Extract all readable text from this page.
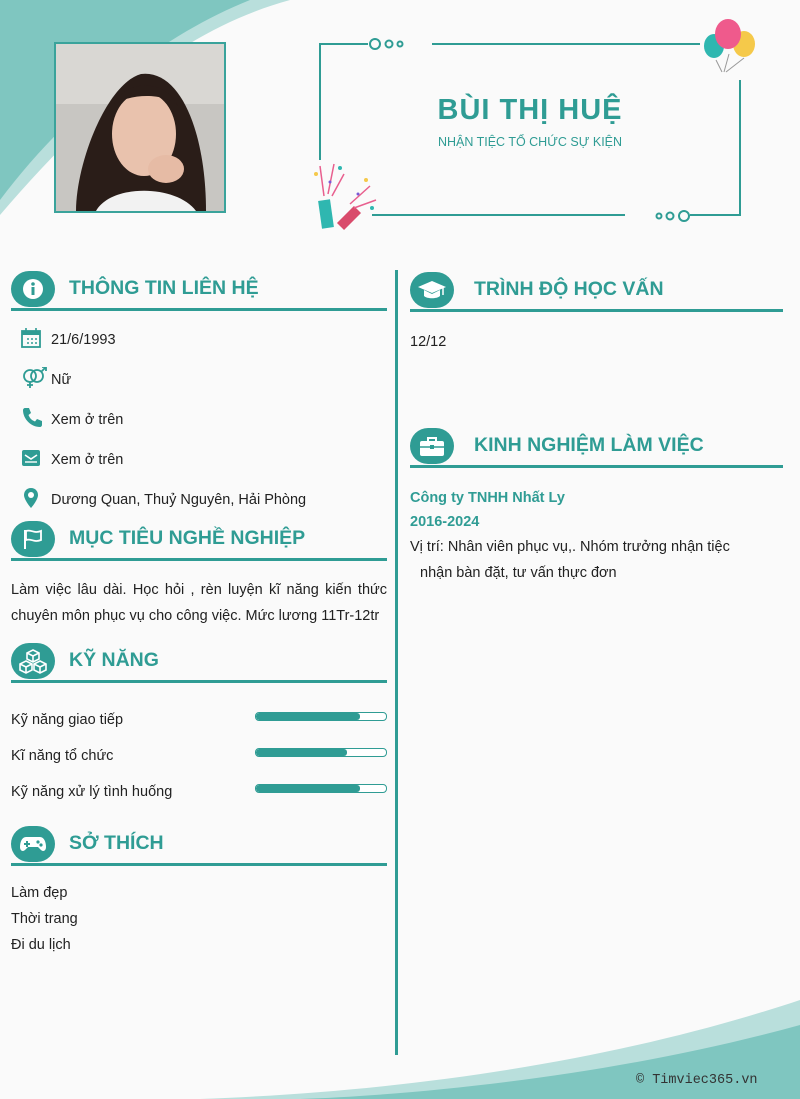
BÙI THỊ HUỆ
NHẬN TIỆC TỔ CHỨC SỰ KIỆN
THÔNG TIN LIÊN HỆ
21/6/1993
Nữ
Xem ở trên
Xem ở trên
Dương Quan, Thuỷ Nguyên, Hải Phòng
MỤC TIÊU NGHỀ NGHIỆP
Làm việc lâu dài. Học hỏi , rèn luyện kĩ năng kiến thức chuyên môn phục vụ cho công việc. Mức lương 11Tr-12tr
KỸ NĂNG
Kỹ năng giao tiếp
Kĩ năng tổ chức
Kỹ năng xử lý tình huống
SỞ THÍCH
Làm đẹp
Thời trang
Đi du lịch
TRÌNH ĐỘ HỌC VẤN
12/12
KINH NGHIỆM LÀM VIỆC
Công ty TNHH Nhất Ly
2016-2024
Vị trí: Nhân viên phục vụ,. Nhóm trưởng nhận tiệc
nhận bàn đặt, tư vấn thực đơn
© Timviec365.vn
